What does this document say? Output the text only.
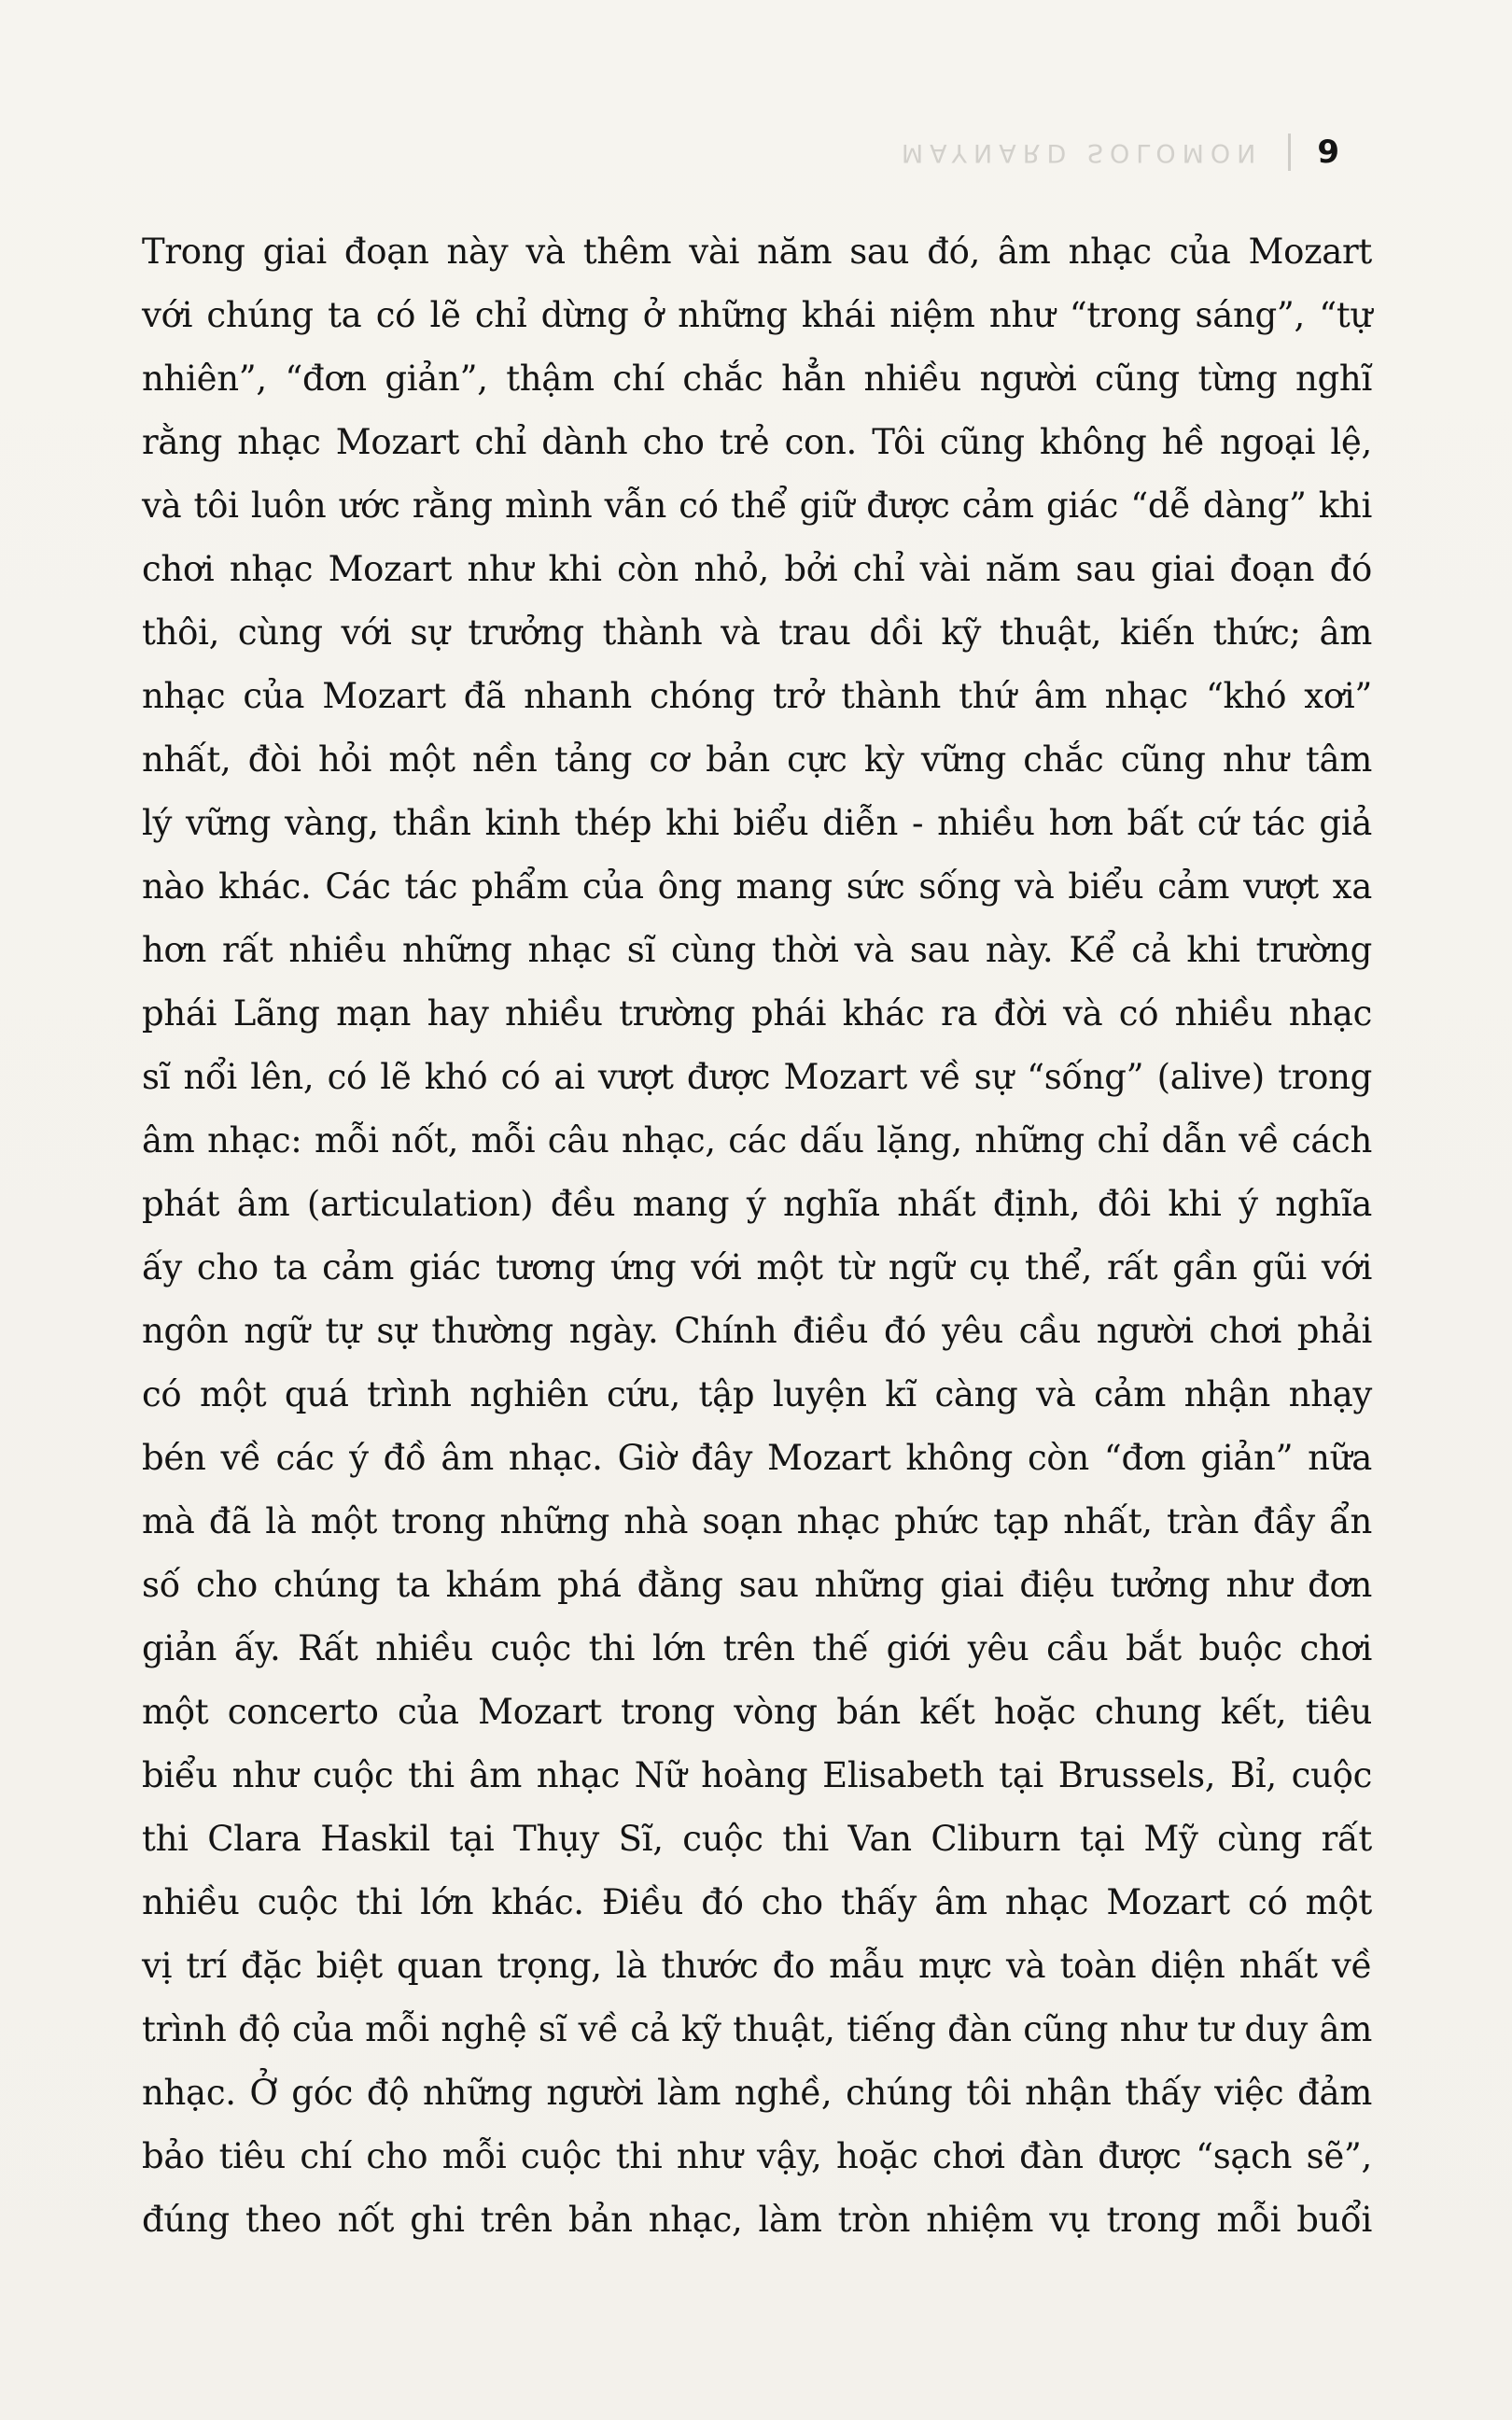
MAYNARD SOLOMON 9

Trong giai đoạn này và thêm vài năm sau đó, âm nhạc của Mozart
với chúng ta có lẽ chỉ dừng ở những khái niệm như “trong sáng”, “tự
nhiên”, “đơn giản”, thậm chí chắc hẳn nhiều người cũng từng nghĩ
rằng nhạc Mozart chỉ dành cho trẻ con. Tôi cũng không hề ngoại lệ,
và tôi luôn ước rằng mình vẫn có thể giữ được cảm giác “dễ dàng” khi
chơi nhạc Mozart như khi còn nhỏ, bởi chỉ vài năm sau giai đoạn đó
thôi, cùng với sự trưởng thành và trau dồi kỹ thuật, kiến thức; âm
nhạc của Mozart đã nhanh chóng trở thành thứ âm nhạc “khó xơi”
nhất, đòi hỏi một nền tảng cơ bản cực kỳ vững chắc cũng như tâm
lý vững vàng, thần kinh thép khi biểu diễn - nhiều hơn bất cứ tác giả
nào khác. Các tác phẩm của ông mang sức sống và biểu cảm vượt xa
hơn rất nhiều những nhạc sĩ cùng thời và sau này. Kể cả khi trường
phái Lãng mạn hay nhiều trường phái khác ra đời và có nhiều nhạc
sĩ nổi lên, có lẽ khó có ai vượt được Mozart về sự “sống” (alive) trong
âm nhạc: mỗi nốt, mỗi câu nhạc, các dấu lặng, những chỉ dẫn về cách
phát âm (articulation) đều mang ý nghĩa nhất định, đôi khi ý nghĩa
ấy cho ta cảm giác tương ứng với một từ ngữ cụ thể, rất gần gũi với
ngôn ngữ tự sự thường ngày. Chính điều đó yêu cầu người chơi phải
có một quá trình nghiên cứu, tập luyện kĩ càng và cảm nhận nhạy
bén về các ý đồ âm nhạc. Giờ đây Mozart không còn “đơn giản” nữa
mà đã là một trong những nhà soạn nhạc phức tạp nhất, tràn đầy ẩn
số cho chúng ta khám phá đằng sau những giai điệu tưởng như đơn
giản ấy. Rất nhiều cuộc thi lớn trên thế giới yêu cầu bắt buộc chơi
một concerto của Mozart trong vòng bán kết hoặc chung kết, tiêu
biểu như cuộc thi âm nhạc Nữ hoàng Elisabeth tại Brussels, Bỉ, cuộc
thi Clara Haskil tại Thụy Sĩ, cuộc thi Van Cliburn tại Mỹ cùng rất
nhiều cuộc thi lớn khác. Điều đó cho thấy âm nhạc Mozart có một
vị trí đặc biệt quan trọng, là thước đo mẫu mực và toàn diện nhất về
trình độ của mỗi nghệ sĩ về cả kỹ thuật, tiếng đàn cũng như tư duy âm
nhạc. Ở góc độ những người làm nghề, chúng tôi nhận thấy việc đảm
bảo tiêu chí cho mỗi cuộc thi như vậy, hoặc chơi đàn được “sạch sẽ”,
đúng theo nốt ghi trên bản nhạc, làm tròn nhiệm vụ trong mỗi buổi
